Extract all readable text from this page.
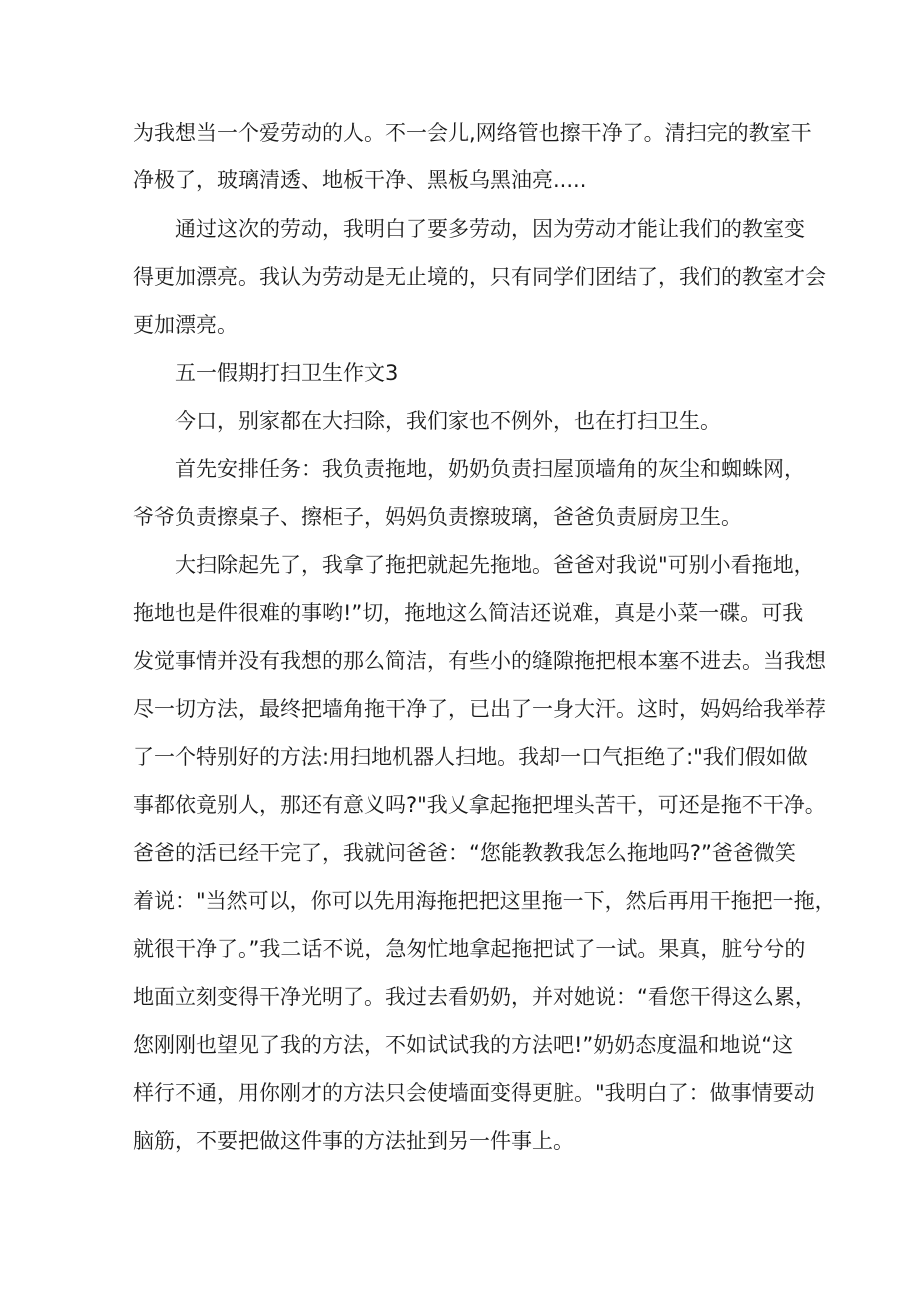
为我想当一个爱劳动的人。不一会儿,网络管也擦干净了。清扫完的教室干
净极了，玻璃清透、地板干净、黑板乌黑油亮.....
通过这次的劳动，我明白了要多劳动，因为劳动才能让我们的教室变
得更加漂亮。我认为劳动是无止境的，只有同学们团结了，我们的教室才会
更加漂亮。
五一假期打扫卫生作文3
今口，别家都在大扫除，我们家也不例外，也在打扫卫生。
首先安排任务：我负责拖地，奶奶负责扫屋顶墙角的灰尘和蜘蛛网，
爷爷负责擦桌子、擦柜子，妈妈负责擦玻璃，爸爸负责厨房卫生。
大扫除起先了，我拿了拖把就起先拖地。爸爸对我说"可别小看拖地，
拖地也是件很难的事哟!”切，拖地这么简洁还说难，真是小菜一碟。可我
发觉事情并没有我想的那么简洁，有些小的缝隙拖把根本塞不进去。当我想
尽一切方法，最终把墙角拖干净了，已出了一身大汗。这时，妈妈给我举荐
了一个特别好的方法:用扫地机器人扫地。我却一口气拒绝了:"我们假如做
事都依竟别人，那还有意义吗?"我乂拿起拖把埋头苦干，可还是拖不干净。
爸爸的活已经干完了，我就问爸爸：“您能教教我怎么拖地吗?”爸爸微笑
着说："当然可以，你可以先用海拖把把这里拖一下，然后再用干拖把一拖，
就很干净了。”我二话不说，急匆忙地拿起拖把试了一试。果真，脏兮兮的
地面立刻变得干净光明了。我过去看奶奶，并对她说：“看您干得这么累，
您刚刚也望见了我的方法，不如试试我的方法吧!”奶奶态度温和地说“这
样行不通，用你刚才的方法只会使墙面变得更脏。"我明白了：做事情要动
脑筋，不要把做这件事的方法扯到另一件事上。
